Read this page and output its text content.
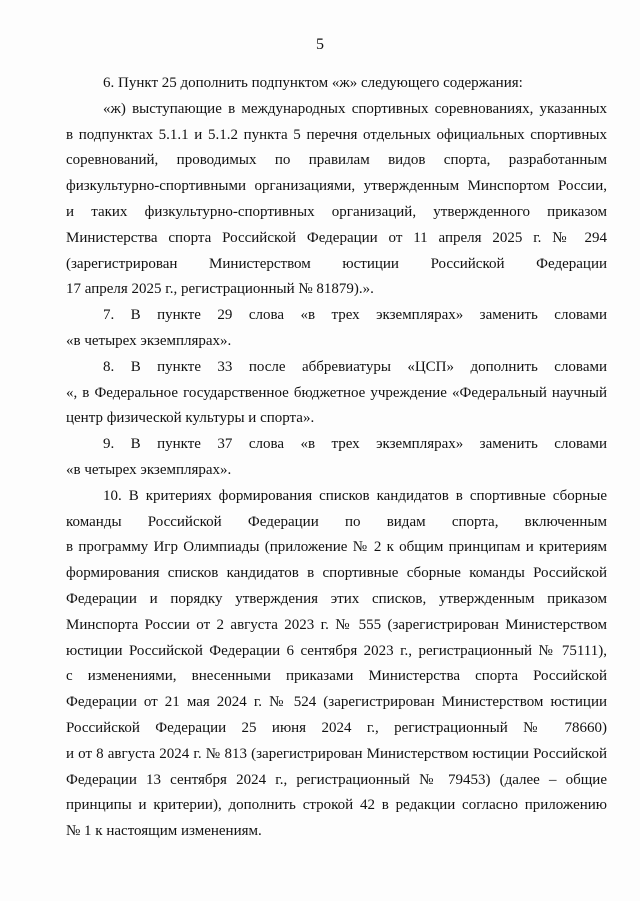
5

6. Пункт 25 дополнить подпунктом «ж» следующего содержания:

«ж) выступающие в международных спортивных соревнованиях, указанных
в подпунктах 5.1.1 и 5.1.2 пункта 5 перечня отдельных официальных спортивных
соревнований, проводимых по правилам видов спорта, разработанным
физкультурно-спортивными организациями, утвержденным Минспортом России,
и таких физкультурно-спортивных организаций, утвержденного приказом
Министерства спорта Российской Федерации от 11 апреля 2025 г. № 294
(зарегистрирован Министерством юстиции Российской Федерации
17 апреля 2025 г., регистрационный № 81879).».

7. В пункте 29 слова «в трех экземплярах» заменить словами
«в четырех экземплярах».

8. В пункте 33 после аббревиатуры «ЦСП» дополнить словами
«, в Федеральное государственное бюджетное учреждение «Федеральный научный
центр физической культуры и спорта».

9. В пункте 37 слова «в трех экземплярах» заменить словами
«в четырех экземплярах».

10. В критериях формирования списков кандидатов в спортивные сборные
команды Российской Федерации по видам спорта, включенным
в программу Игр Олимпиады (приложение № 2 к общим принципам и критериям
формирования списков кандидатов в спортивные сборные команды Российской
Федерации и порядку утверждения этих списков, утвержденным приказом
Минспорта России от 2 августа 2023 г. № 555 (зарегистрирован Министерством
юстиции Российской Федерации 6 сентября 2023 г., регистрационный № 75111),
с изменениями, внесенными приказами Министерства спорта Российской
Федерации от 21 мая 2024 г. № 524 (зарегистрирован Министерством юстиции
Российской Федерации 25 июня 2024 г., регистрационный № 78660)
и от 8 августа 2024 г. № 813 (зарегистрирован Министерством юстиции Российской
Федерации 13 сентября 2024 г., регистрационный № 79453) (далее – общие
принципы и критерии), дополнить строкой 42 в редакции согласно приложению
№ 1 к настоящим изменениям.
